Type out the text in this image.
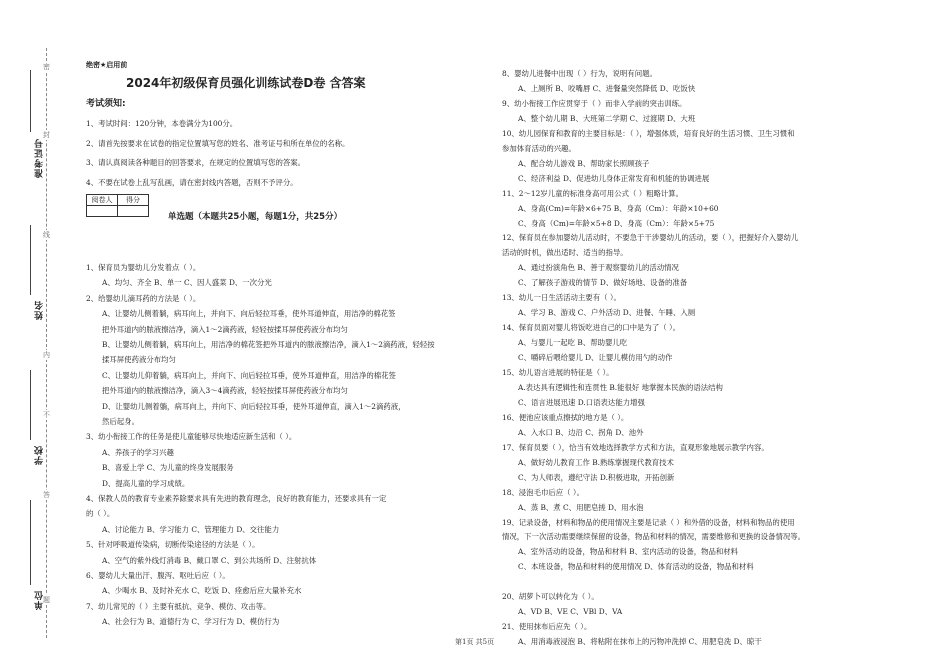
密
封
线
内
不
答
题
准考证号
姓名
学校
单位
绝密★启用前
2024年初级保育员强化训练试卷D卷 含答案
考试须知:
1、考试时间：120分钟，本卷满分为100分。
2、请首先按要求在试卷的指定位置填写您的姓名、准考证号和所在单位的名称。
3、请认真阅读各种题目的回答要求，在规定的位置填写您的答案。
4、不要在试卷上乱写乱画，请在密封线内答题，否则不予评分。
阅卷人	得分

单选题（本题共25小题，每题1分，共25分）
1、保育员为婴幼儿分发着点（ ）。
A、均匀、齐全 B、单一 C、因人盛菜 D、一次分光
2、给婴幼儿滴耳药的方法是（ ）。
A、让婴幼儿侧着躺，病耳向上，并向下、向后轻拉耳垂，使外耳道伸直，用洁净的棉花签
把外耳道内的脓液擦洁净，滴入1～2滴药液，轻轻按揉耳屏使药液分布均匀
B、让婴幼儿侧着躺，病耳向上，用洁净的棉花签把外耳道内的脓液擦洁净，滴入1～2滴药液，轻轻按
揉耳屏使药液分布均匀
C、让婴幼儿仰着躺，病耳向上，并向下、向后轻拉耳垂，使外耳道伸直，用洁净的棉花签
把外耳道内的脓液擦洁净，滴入3～4滴药液，轻轻按揉耳屏使药液分布均匀
D、让婴幼儿侧着躺，病耳向上，并向下、向后轻拉耳垂，使外耳道伸直，滴入1～2滴药液，
然后起身。
3、幼小衔接工作的任务是使儿童能够尽快地适应新生活和（ ）。
A、养孩子的学习兴趣
B、喜爱上学 C、为儿童的终身发展服务
D、提高儿童的学习成绩。
4、保教人员的教育专业素养除要求具有先进的教育理念，良好的教育能力，还要求具有一定
的（ ）。
A、讨论能力 B、学习能力 C、管理能力 D、交往能力
5、针对呼吸道传染病，切断传染途径的方法是（ ）。
A、空气的紫外线灯消毒 B、戴口罩 C、到公共场所 D、注射抗体
6、婴幼儿大量出汗、腹泻、呕吐后应（ ）。
A、少喝水 B、及时补充水 C、吃饭 D、痊愈后应大量补充水
7、幼儿常见的（ ）主要有抵抗、竞争、模仿、攻击等。
A、社会行为 B、道德行为 C、学习行为 D、模仿行为
8、婴幼儿进餐中出现（ ）行为，说明有问题。
A、上厕所 B、咬嘴唇 C、进餐量突然降低 D、吃饭快
9、幼小衔接工作应贯穿于（ ）而非入学前的突击训练。
A、整个幼儿期 B、大班第二学期 C、过渡期 D、大班
10、幼儿园保育和教育的主要目标是：（ ），增强体质，培育良好的生活习惯、卫生习惯和
参加体育活动的兴趣。
A、配合幼儿游戏 B、帮助家长照顾孩子
C、经济利益 D、促进幼儿身体正常发育和机能的协调进展
11、2～12岁儿童的标准身高可用公式（ ）粗略计算。
A、身高(Cm)=年龄×6+75 B、身高（Cm）：年龄×10+60
C、身高（Cm)=年龄×5+8 D、身高（Cm）：年龄×5+75
12、保育员在参加婴幼儿活动时，不要急于干涉婴幼儿的活动，要（ ），把握好介入婴幼儿
活动的时机，做出适时、适当的指导。
A、通过扮演角色 B、善于观察婴幼儿的活动情况
C、了解孩子游戏的情节 D、做好场地、设备的准备
13、幼儿一日生活活动主要有（ ）。
A、学习 B、游戏 C、户外活动 D、进餐、午睡、入厕
14、保育员面对婴儿将饭吃进自己的口中是为了（ ）。
A、与婴儿一起吃 B、帮助婴儿吃
C、嚼碎后喂给婴儿 D、让婴儿模仿用勺的动作
15、幼儿语言进展的特征是（ ）。
A.表达具有逻辑性和连贯性 B.能很好 地掌握本民族的语法结构
C、语言进展迅速 D.口语表达能力增强
16、便池应该重点擦拭的地方是（ ）。
A、入水口 B、边沿 C、拐角 D、池外
17、保育员要（ ），恰当有效地选择教学方式和方法，直观形象地展示教学内容。
A、做好幼儿教育工作 B.熟练掌握现代教育技术
C、为人师表，遵纪守法 D.积极进取，开拓创新
18、浸泡毛巾后应（ ）。
A、蒸 B、煮 C、用肥皂搓 D、用水泡
19、记录设备，材料和物品的使用情况主要是记录（ ）和外借的设备，材料和物品的使用
情况，下一次活动需要继续保留的设备，物品和材料的情况，需要维修和更换的设备情况等。
A、室外活动的设备，物品和材料 B、室内活动的设备，物品和材料
C、本班设备，物品和材料的使用情况 D、体育活动的设备，物品和材料
20、胡萝卜可以转化为（ ）。
A、VD B、VE C、VBl D、VA
21、使用抹布后应先（ ）。
A、用消毒液浸泡 B、将粘附在抹布上的污物冲洗掉 C、用肥皂洗 D、晾干
第1页 共5页
